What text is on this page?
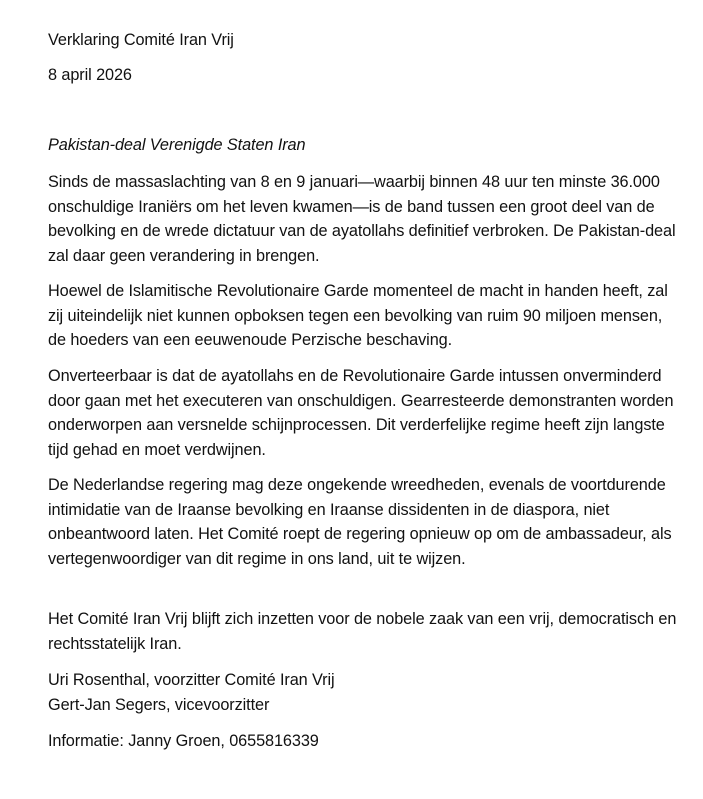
Verklaring Comité Iran Vrij
8 april 2026
Pakistan-deal Verenigde Staten Iran

Sinds de massaslachting van 8 en 9 januari—waarbij binnen 48 uur ten minste 36.000 onschuldige Iraniërs om het leven kwamen—is de band tussen een groot deel van de bevolking en de wrede dictatuur van de ayatollahs definitief verbroken. De Pakistan-deal zal daar geen verandering in brengen.

Hoewel de Islamitische Revolutionaire Garde momenteel de macht in handen heeft, zal zij uiteindelijk niet kunnen opboksen tegen een bevolking van ruim 90 miljoen mensen, de hoeders van een eeuwenoude Perzische beschaving.

Onverteerbaar is dat de ayatollahs en de Revolutionaire Garde intussen onverminderd door gaan met het executeren van onschuldigen. Gearresteerde demonstranten worden onderworpen aan versnelde schijnprocessen. Dit verderfelijke regime heeft zijn langste tijd gehad en moet verdwijnen.

De Nederlandse regering mag deze ongekende wreedheden, evenals de voortdurende intimidatie van de Iraanse bevolking en Iraanse dissidenten in de diaspora, niet onbeantwoord laten. Het Comité roept de regering opnieuw op om de ambassadeur, als vertegenwoordiger van dit regime in ons land, uit te wijzen.

Het Comité Iran Vrij blijft zich inzetten voor de nobele zaak van een vrij, democratisch en rechtsstatelijk Iran.

Uri Rosenthal, voorzitter Comité Iran Vrij
Gert-Jan Segers, vicevoorzitter
Informatie: Janny Groen, 0655816339
